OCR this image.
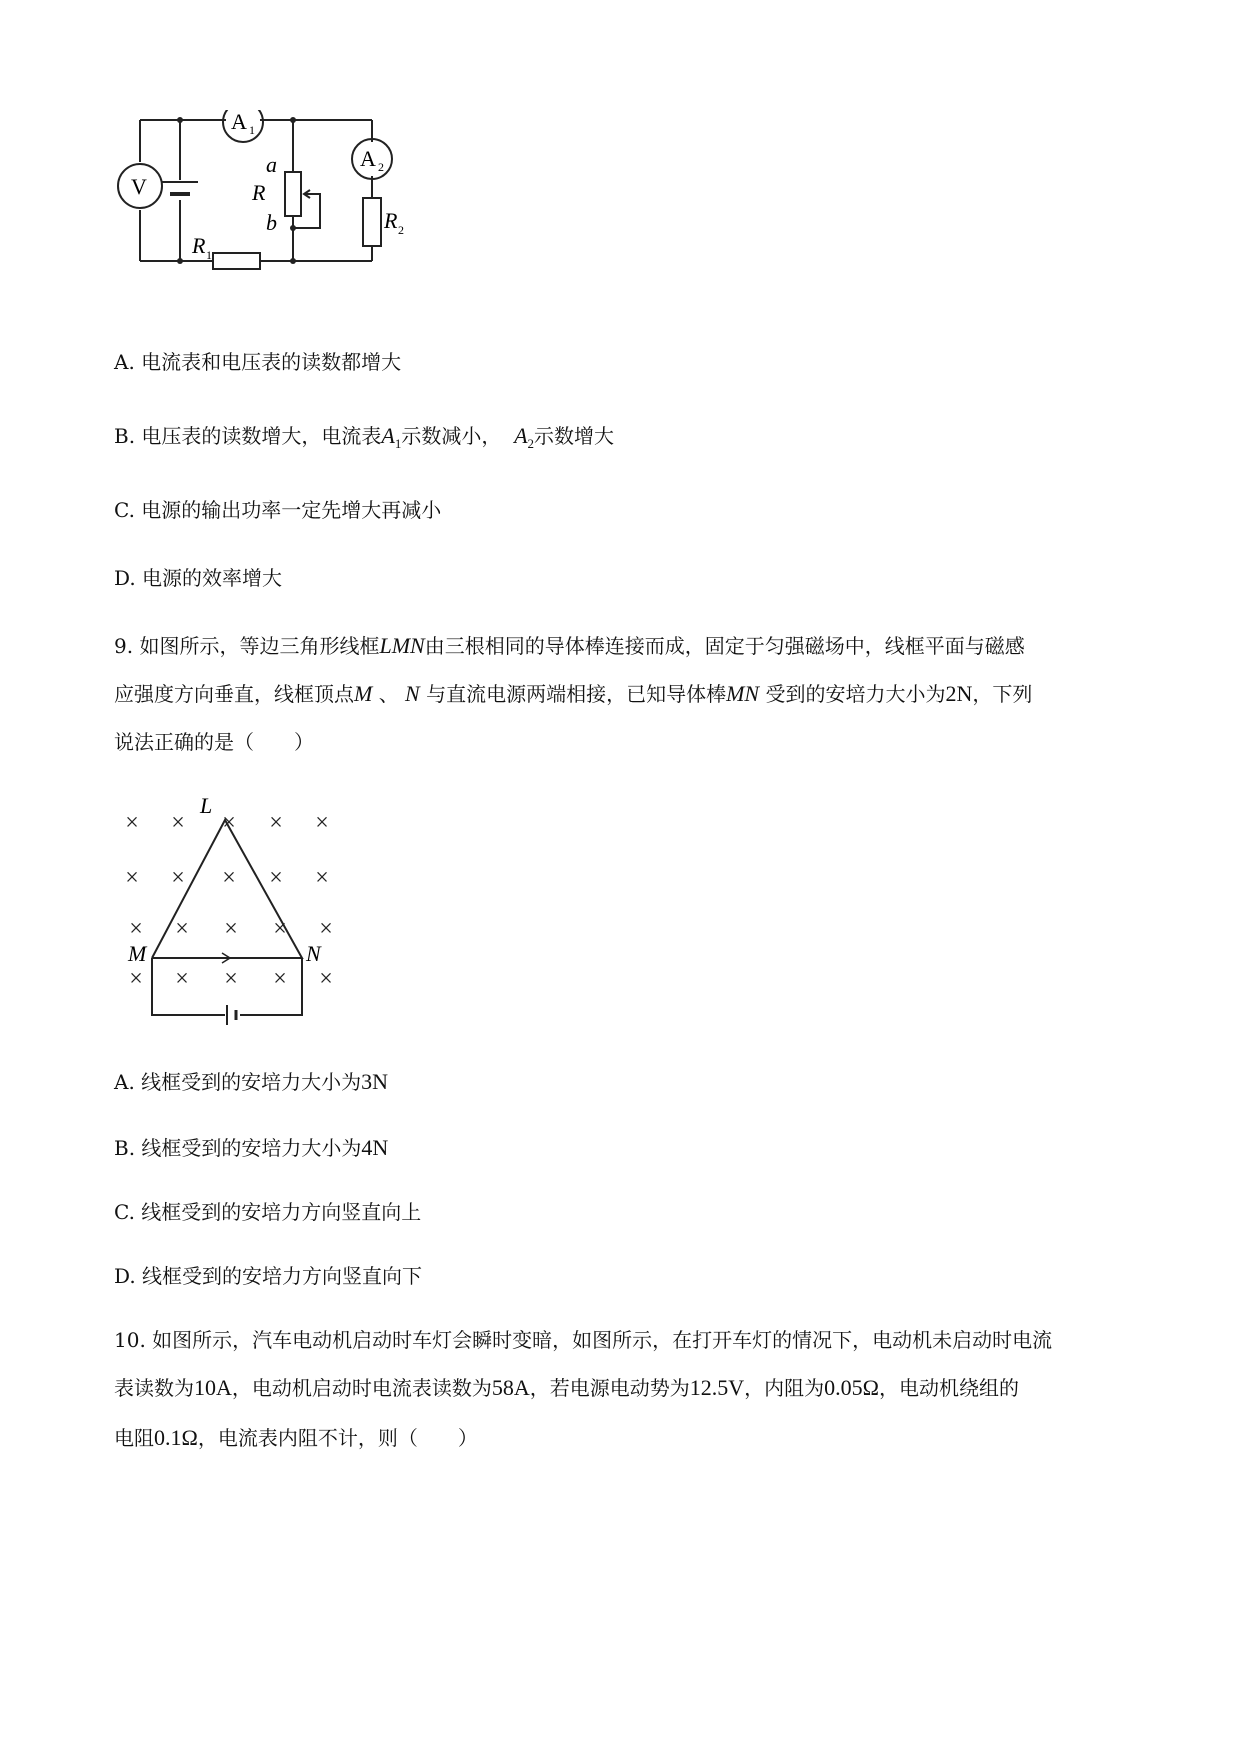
V
A 1
A 2
a
R
b
R 1
R 2
A. 电流表和电压表的读数都增大
B. 电压表的读数增大，电流表$A_1$示数减小， $A_2$示数增大
C. 电源的输出功率一定先增大再减小
D. 电源的效率增大
9. 如图所示，等边三角形线框LMN由三根相同的导体棒连接而成，固定于匀强磁场中，线框平面与磁感
应强度方向垂直，线框顶点M 、 N 与直流电源两端相接，已知导体棒MN 受到的安培力大小为2N，下列
说法正确的是（　　）
× × × × ×
× × × × ×
× × × × ×
× × × × ×
L
M	N
A. 线框受到的安培力大小为3N
B. 线框受到的安培力大小为4N
C. 线框受到的安培力方向竖直向上
D. 线框受到的安培力方向竖直向下
10. 如图所示，汽车电动机启动时车灯会瞬时变暗，如图所示，在打开车灯的情况下，电动机未启动时电流
表读数为10A，电动机启动时电流表读数为58A，若电源电动势为12.5V，内阻为0.05Ω，电动机绕组的
电阻0.1Ω，电流表内阻不计，则（　　）
